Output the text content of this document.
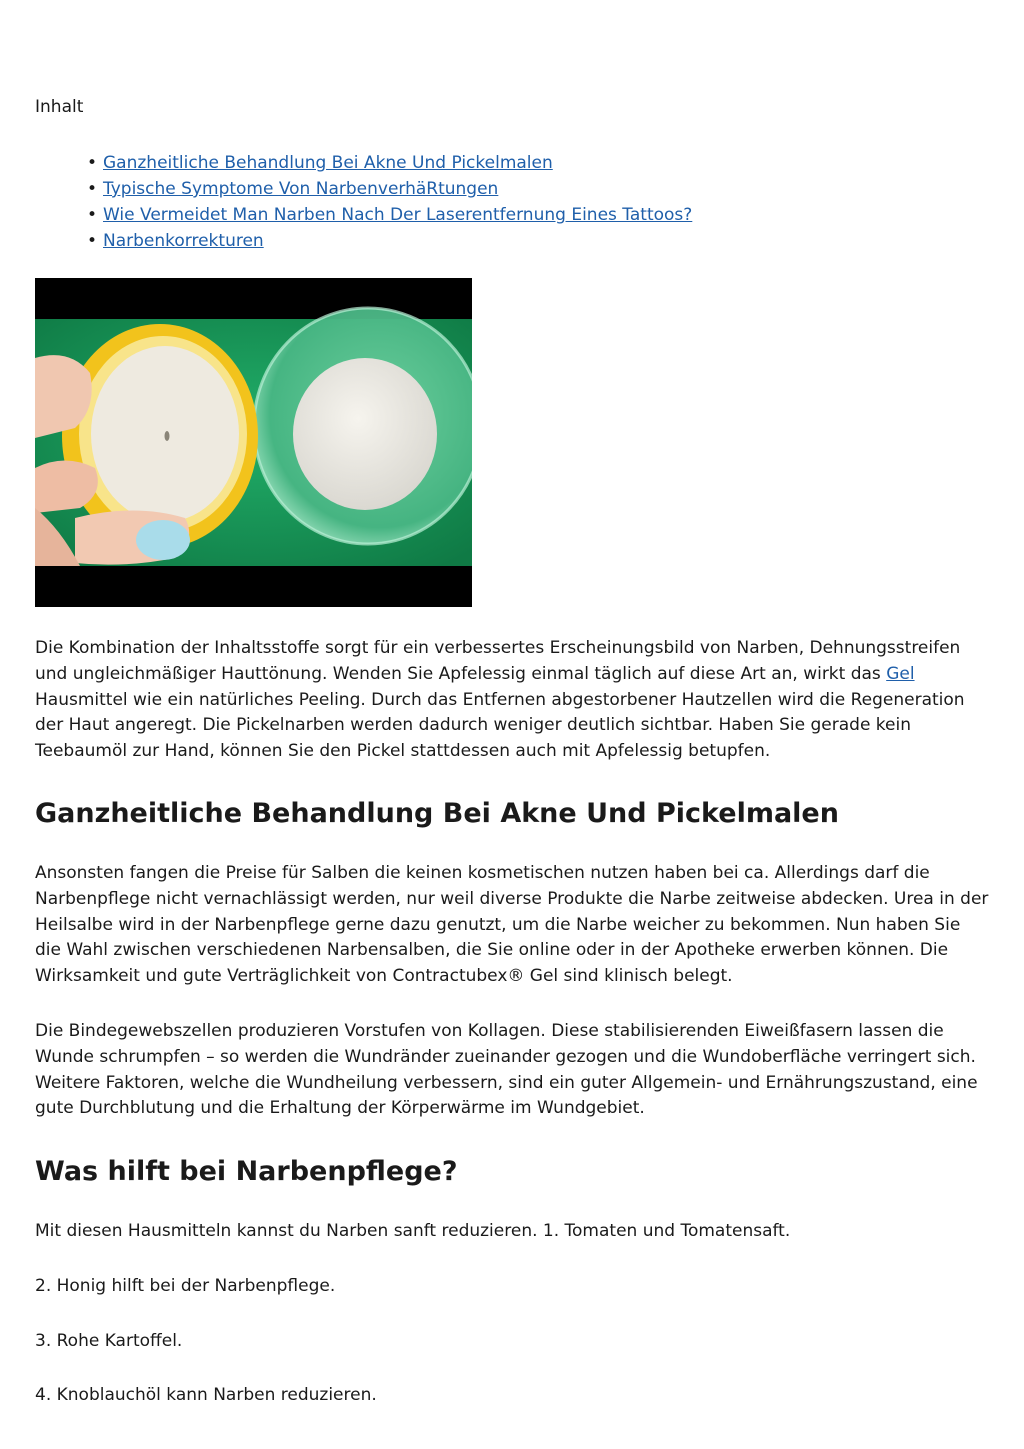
Inhalt

• Ganzheitliche Behandlung Bei Akne Und Pickelmalen
• Typische Symptome Von NarbenverhäRtungen
• Wie Vermeidet Man Narben Nach Der Laserentfernung Eines Tattoos?
• Narbenkorrekturen

Die Kombination der Inhaltsstoffe sorgt für ein verbessertes Erscheinungsbild von Narben, Dehnungsstreifen und ungleichmäßiger Hauttönung. Wenden Sie Apfelessig einmal täglich auf diese Art an, wirkt das Gel Hausmittel wie ein natürliches Peeling. Durch das Entfernen abgestorbener Hautzellen wird die Regeneration der Haut angeregt. Die Pickelnarben werden dadurch weniger deutlich sichtbar. Haben Sie gerade kein Teebaumöl zur Hand, können Sie den Pickel stattdessen auch mit Apfelessig betupfen.

Ganzheitliche Behandlung Bei Akne Und Pickelmalen

Ansonsten fangen die Preise für Salben die keinen kosmetischen nutzen haben bei ca. Allerdings darf die Narbenpflege nicht vernachlässigt werden, nur weil diverse Produkte die Narbe zeitweise abdecken. Urea in der Heilsalbe wird in der Narbenpflege gerne dazu genutzt, um die Narbe weicher zu bekommen. Nun haben Sie die Wahl zwischen verschiedenen Narbensalben, die Sie online oder in der Apotheke erwerben können. Die Wirksamkeit und gute Verträglichkeit von Contractubex® Gel sind klinisch belegt.

Die Bindegewebszellen produzieren Vorstufen von Kollagen. Diese stabilisierenden Eiweißfasern lassen die Wunde schrumpfen – so werden die Wundränder zueinander gezogen und die Wundoberfläche verringert sich. Weitere Faktoren, welche die Wundheilung verbessern, sind ein guter Allgemein- und Ernährungszustand, eine gute Durchblutung und die Erhaltung der Körperwärme im Wundgebiet.

Was hilft bei Narbenpflege?

Mit diesen Hausmitteln kannst du Narben sanft reduzieren. 1. Tomaten und Tomatensaft.

2. Honig hilft bei der Narbenpflege.

3. Rohe Kartoffel.

4. Knoblauchöl kann Narben reduzieren.
